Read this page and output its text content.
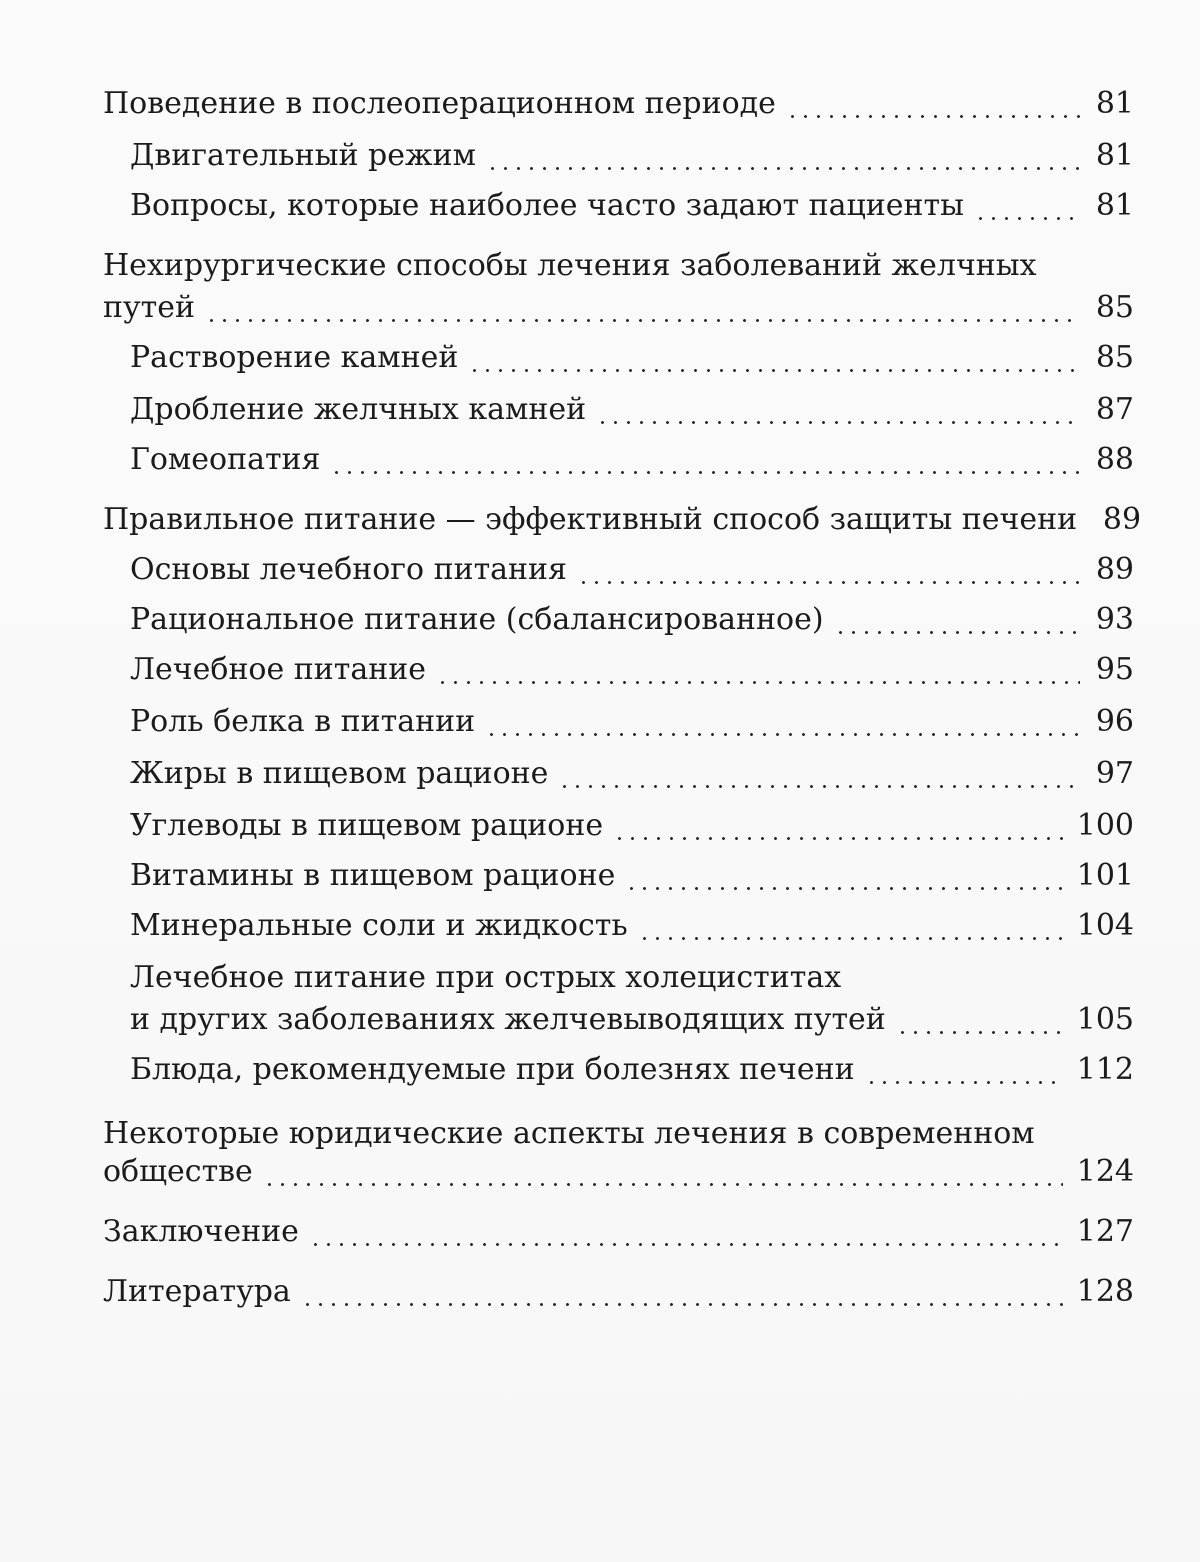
Поведение в послеоперационном периоде	81
Двигательный режим	81
Вопросы, которые наиболее часто задают пациенты	81
Нехирургические способы лечения заболеваний желчных
путей	85
Растворение камней	85
Дробление желчных камней	87
Гомеопатия	88
Правильное питание — эффективный способ защиты печени 89
Основы лечебного питания	89
Рациональное питание (сбалансированное)	93
Лечебное питание	95
Роль белка в питании	96
Жиры в пищевом рационе	97
Углеводы в пищевом рационе	100
Витамины в пищевом рационе	101
Минеральные соли и жидкость	104
Лечебное питание при острых холециститах
и других заболеваниях желчевыводящих путей	105
Блюда, рекомендуемые при болезнях печени	112
Некоторые юридические аспекты лечения в современном
обществе	124
Заключение	127
Литература	128
